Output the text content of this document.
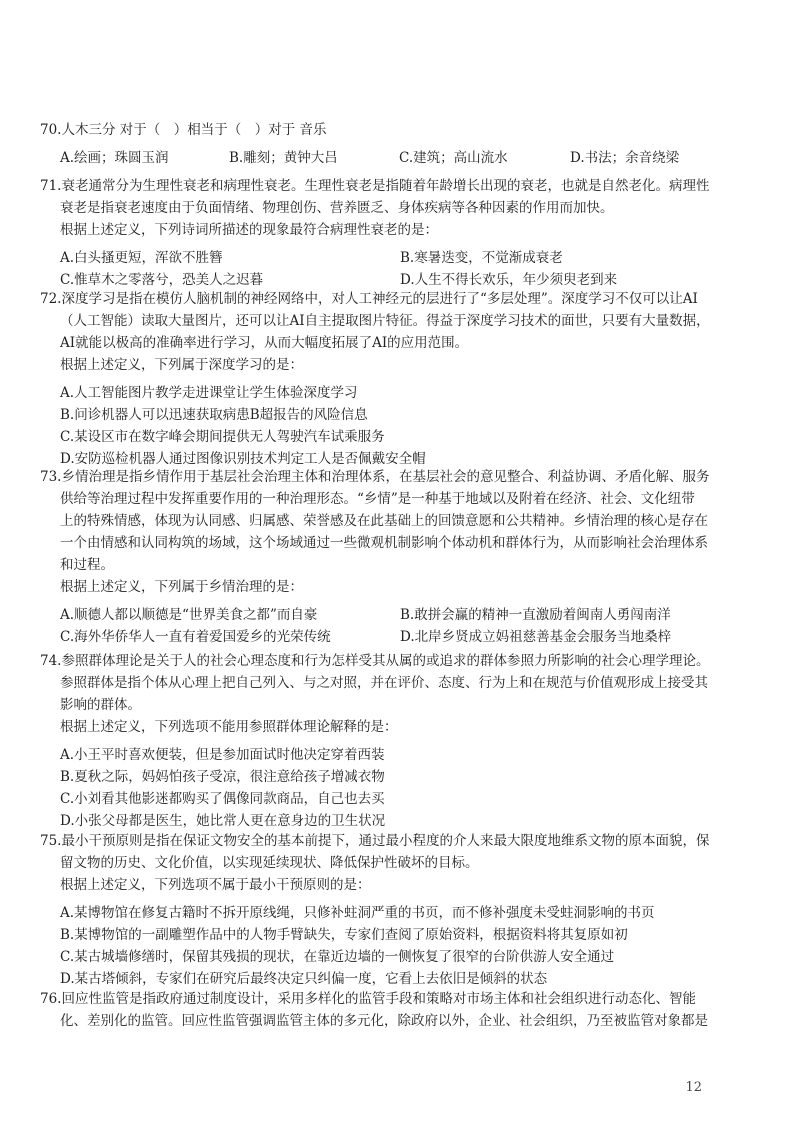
70.人木三分 对于（　）相当于（　）对于 音乐
A.绘画；珠圆玉润	B.雕刻；黄钟大吕	C.建筑；高山流水	D.书法；余音绕梁
71.衰老通常分为生理性衰老和病理性衰老。生理性衰老是指随着年龄增长出现的衰老，也就是自然老化。病理性
衰老是指衰老速度由于负面情绪、物理创伤、营养匮乏、身体疾病等各种因素的作用而加快。
根据上述定义，下列诗词所描述的现象最符合病理性衰老的是：
A.白头搔更短，浑欲不胜簪	B.寒暑迭变，不觉渐成衰老
C.惟草木之零落兮，恐美人之迟暮	D.人生不得长欢乐，年少须臾老到来
72.深度学习是指在模仿人脑机制的神经网络中，对人工神经元的层进行了“多层处理”。深度学习不仅可以让AI
（人工智能）读取大量图片，还可以让AI自主提取图片特征。得益于深度学习技术的面世，只要有大量数据，
AI就能以极高的准确率进行学习，从而大幅度拓展了AI的应用范围。
根据上述定义，下列属于深度学习的是：
A.人工智能图片教学走进课堂让学生体验深度学习
B.问诊机器人可以迅速获取病患B超报告的风险信息
C.某设区市在数字峰会期间提供无人驾驶汽车试乘服务
D.安防巡检机器人通过图像识别技术判定工人是否佩戴安全帽
73.乡情治理是指乡情作用于基层社会治理主体和治理体系，在基层社会的意见整合、利益协调、矛盾化解、服务
供给等治理过程中发挥重要作用的一种治理形态。“乡情”是一种基于地域以及附着在经济、社会、文化纽带
上的特殊情感，体现为认同感、归属感、荣誉感及在此基础上的回馈意愿和公共精神。乡情治理的核心是存在
一个由情感和认同构筑的场域，这个场域通过一些微观机制影响个体动机和群体行为，从而影响社会治理体系
和过程。
根据上述定义，下列属于乡情治理的是：
A.顺德人都以顺德是“世界美食之都”而自豪	B.敢拼会赢的精神一直激励着闽南人勇闯南洋
C.海外华侨华人一直有着爱国爱乡的光荣传统	D.北岸乡贤成立妈祖慈善基金会服务当地桑梓
74.参照群体理论是关于人的社会心理态度和行为怎样受其从属的或追求的群体参照力所影响的社会心理学理论。
参照群体是指个体从心理上把自己列入、与之对照，并在评价、态度、行为上和在规范与价值观形成上接受其
影响的群体。
根据上述定义，下列选项不能用参照群体理论解释的是：
A.小王平时喜欢便装，但是参加面试时他决定穿着西装
B.夏秋之际，妈妈怕孩子受凉，很注意给孩子增减衣物
C.小刘看其他影迷都购买了偶像同款商品，自己也去买
D.小张父母都是医生，她比常人更在意身边的卫生状况
75.最小干预原则是指在保证文物安全的基本前提下，通过最小程度的介人来最大限度地维系文物的原本面貌，保
留文物的历史、文化价值，以实现延续现状、降低保护性破坏的目标。
根据上述定义，下列选项不属于最小干预原则的是：
A.某博物馆在修复古籍时不拆开原线绳，只修补蛀洞严重的书页，而不修补强度未受蛀洞影响的书页
B.某博物馆的一副雕塑作品中的人物手臂缺失，专家们查阅了原始资料，根据资料将其复原如初
C.某古城墙修缮时，保留其残损的现状，在靠近边墙的一侧恢复了很窄的台阶供游人安全通过
D.某古塔倾斜，专家们在研究后最终决定只纠偏一度，它看上去依旧是倾斜的状态
76.回应性监管是指政府通过制度设计，采用多样化的监管手段和策略对市场主体和社会组织进行动态化、智能
化、差别化的监管。回应性监管强调监管主体的多元化，除政府以外，企业、社会组织，乃至被监管对象都是
12
